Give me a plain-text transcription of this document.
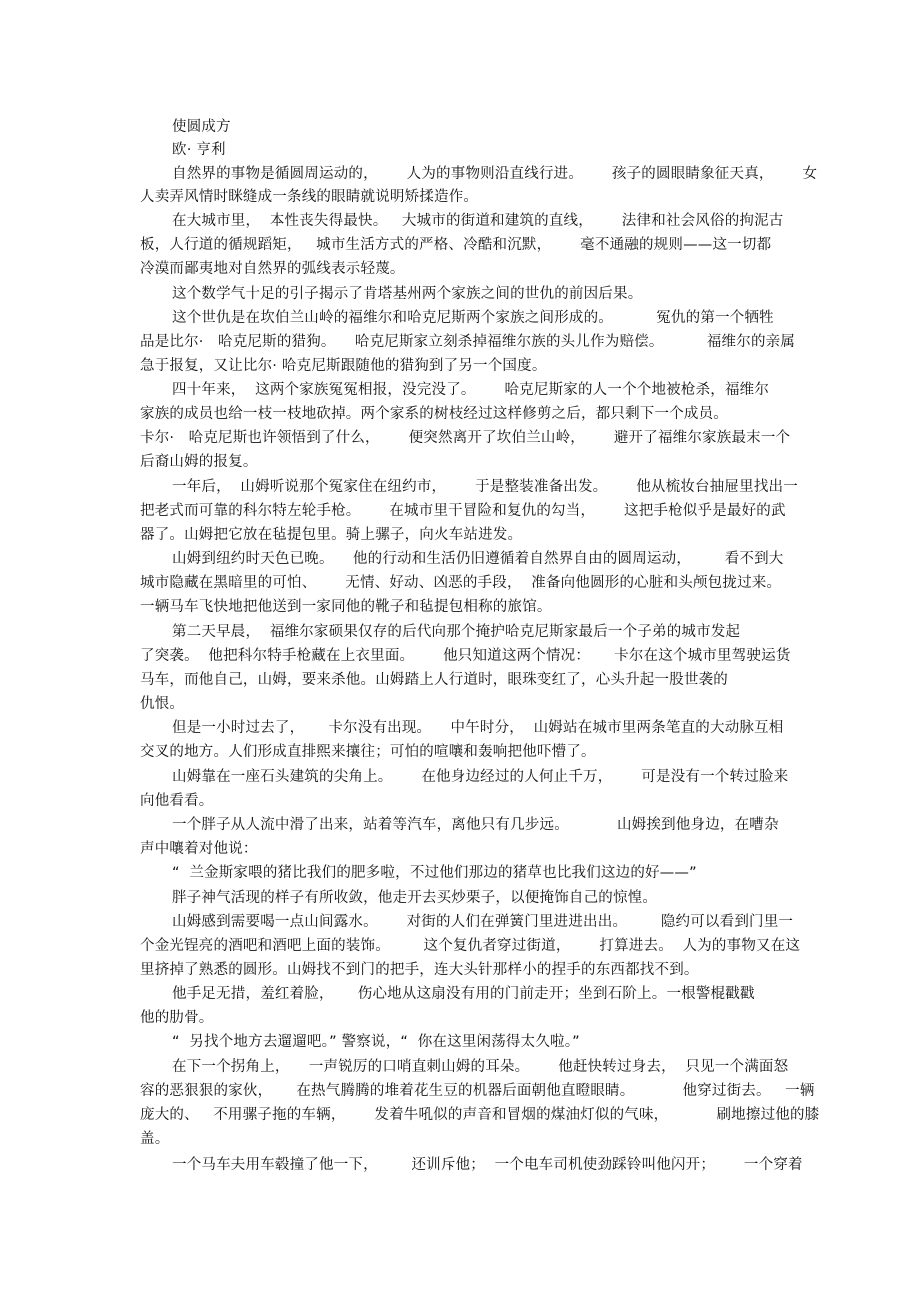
使圆成方
欧· 亨利
自然界的事物是循圆周运动的，      人为的事物则沿直线行进。      孩子的圆眼睛象征天真，      女
人卖弄风情时眯缝成一条线的眼睛就说明矫揉造作。
在大城市里，  本性丧失得最快。   大城市的街道和建筑的直线，      法律和社会风俗的拘泥古
板，人行道的循规蹈矩，   城市生活方式的严格、冷酷和沉默，      毫不通融的规则——这一切都
冷漠而鄙夷地对自然界的弧线表示轻蔑。
这个数学气十足的引子揭示了肯塔基州两个家族之间的世仇的前因后果。
这个世仇是在坎伯兰山岭的福维尔和哈克尼斯两个家族之间形成的。         冤仇的第一个牺牲
品是比尔·   哈克尼斯的猎狗。    哈克尼斯家立刻杀掉福维尔族的头儿作为赔偿。         福维尔的亲属
急于报复，又让比尔· 哈克尼斯跟随他的猎狗到了另一个国度。
四十年来，  这两个家族冤冤相报，没完没了。      哈克尼斯家的人一个个地被枪杀，福维尔
家族的成员也给一枝一枝地砍掉。两个家系的树枝经过这样修剪之后，都只剩下一个成员。
卡尔·   哈克尼斯也许领悟到了什么，      便突然离开了坎伯兰山岭，      避开了福维尔家族最末一个
后裔山姆的报复。
一年后，  山姆听说那个冤家住在纽约市，      于是整装准备出发。      他从梳妆台抽屉里找出一
把老式而可靠的科尔特左轮手枪。      在城市里干冒险和复仇的勾当，      这把手枪似乎是最好的武
器了。山姆把它放在毡提包里。骑上骡子，向火车站进发。
山姆到纽约时天色已晚。    他的行动和生活仍旧遵循着自然界自由的圆周运动，       看不到大
城市隐藏在黑暗里的可怕、      无情、好动、凶恶的手段，  准备向他圆形的心脏和头颅包拢过来。
一辆马车飞快地把他送到一家同他的靴子和毡提包相称的旅馆。
第二天早晨，  福维尔家硕果仅存的后代向那个掩护哈克尼斯家最后一个子弟的城市发起
了突袭。  他把科尔特手枪藏在上衣里面。      他只知道这两个情况：     卡尔在这个城市里驾驶运货
马车，而他自己，山姆，要来杀他。山姆踏上人行道时，眼珠变红了，心头升起一股世袭的
仇恨。
但是一小时过去了，     卡尔没有出现。    中午时分，  山姆站在城市里两条笔直的大动脉互相
交叉的地方。人们形成直排熙来攘往；可怕的喧嚷和轰响把他吓懵了。
山姆靠在一座石头建筑的尖角上。      在他身边经过的人何止千万，      可是没有一个转过脸来
向他看看。
一个胖子从人流中滑了出来，站着等汽车，离他只有几步远。          山姆挨到他身边，在嘈杂
声中嚷着对他说：
“  兰金斯家喂的猪比我们的肥多啦，不过他们那边的猪草也比我们这边的好——”
胖子神气活现的样子有所收敛，他走开去买炒栗子，以便掩饰自己的惊惶。
山姆感到需要喝一点山间露水。      对街的人们在弹簧门里进进出出。       隐约可以看到门里一
个金光锃亮的酒吧和酒吧上面的装饰。       这个复仇者穿过街道，      打算进去。  人为的事物又在这
里挤掉了熟悉的圆形。山姆找不到门的把手，连大头针那样小的捏手的东西都找不到。
他手足无措，羞红着脸，     伤心地从这扇没有用的门前走开；坐到石阶上。一根警棍戳戳
他的肋骨。
“  另找个地方去遛遛吧。” 警察说，“  你在这里闲荡得太久啦。”
在下一个拐角上，    一声锐厉的口哨直刺山姆的耳朵。      他赶快转过身去，  只见一个满面怒
容的恶狠狠的家伙，     在热气腾腾的堆着花生豆的机器后面朝他直瞪眼睛。          他穿过街去。   一辆
庞大的、   不用骡子拖的车辆，      发着牛吼似的声音和冒烟的煤油灯似的气味，          刷地擦过他的膝
盖。
一个马车夫用车毂撞了他一下，       还训斥他；  一个电车司机使劲踩铃叫他闪开；      一个穿着
